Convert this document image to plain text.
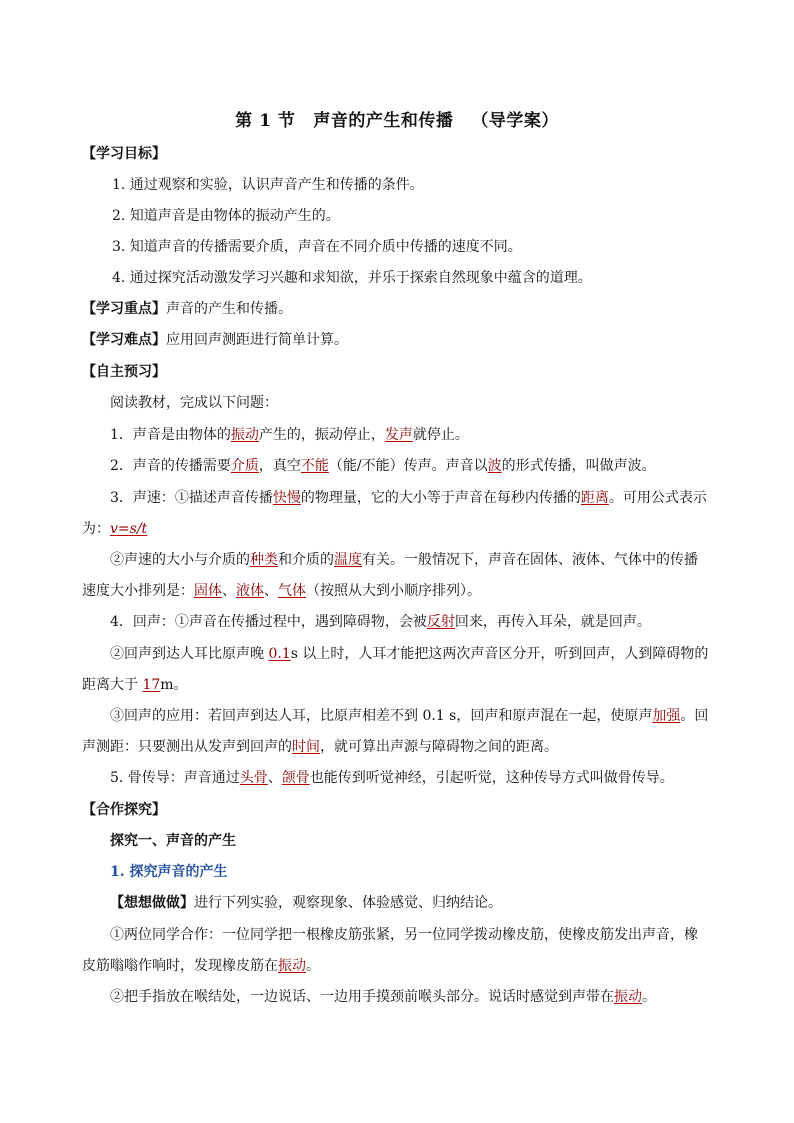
第 1 节 声音的产生和传播 （导学案）
【学习目标】
1. 通过观察和实验，认识声音产生和传播的条件。
2. 知道声音是由物体的振动产生的。
3. 知道声音的传播需要介质，声音在不同介质中传播的速度不同。
4. 通过探究活动激发学习兴趣和求知欲，并乐于探索自然现象中蕴含的道理。
【学习重点】声音的产生和传播。
【学习难点】应用回声测距进行简单计算。
【自主预习】
阅读教材，完成以下问题：
1．声音是由物体的振动产生的，振动停止，发声就停止。
2．声音的传播需要介质，真空不能（能/不能）传声。声音以波的形式传播，叫做声波。
3．声速：①描述声音传播快慢的物理量，它的大小等于声音在每秒内传播的距离。可用公式表示
为：v=s/t
②声速的大小与介质的种类和介质的温度有关。一般情况下，声音在固体、液体、气体中的传播
速度大小排列是：固体、液体、气体（按照从大到小顺序排列）。
4．回声：①声音在传播过程中，遇到障碍物，会被反射回来，再传入耳朵，就是回声。
②回声到达人耳比原声晚 0.1s 以上时，人耳才能把这两次声音区分开，听到回声，人到障碍物的
距离大于 17m。
③回声的应用：若回声到达人耳，比原声相差不到 0.1 s，回声和原声混在一起，使原声加强。回
声测距：只要测出从发声到回声的时间，就可算出声源与障碍物之间的距离。
5. 骨传导：声音通过头骨、颌骨也能传到听觉神经，引起听觉，这种传导方式叫做骨传导。
【合作探究】
探究一、声音的产生
1. 探究声音的产生
【想想做做】进行下列实验，观察现象、体验感觉、归纳结论。
①两位同学合作：一位同学把一根橡皮筋张紧，另一位同学拨动橡皮筋，使橡皮筋发出声音，橡
皮筋嗡嗡作响时，发现橡皮筋在振动。
②把手指放在喉结处，一边说话、一边用手摸颈前喉头部分。说话时感觉到声带在振动。
